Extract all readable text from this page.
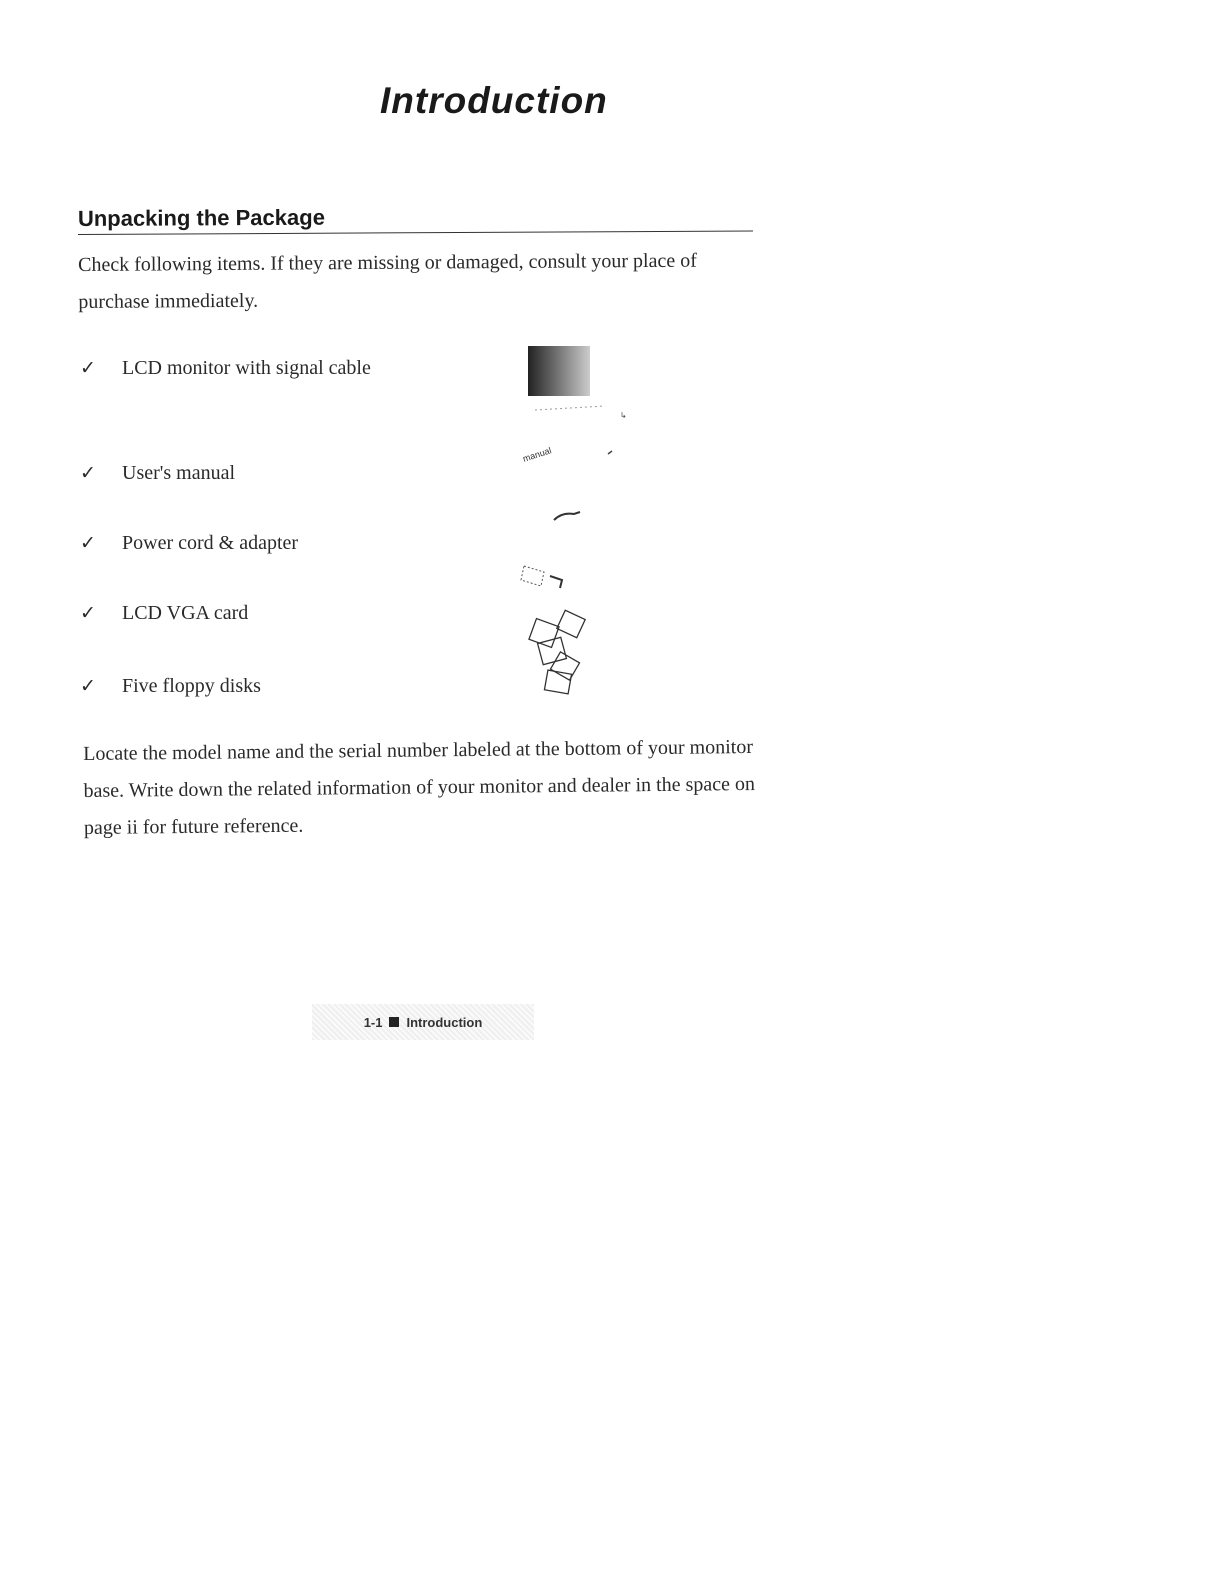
Introduction
Unpacking the Package

Check following items. If they are missing or damaged, consult your place of purchase immediately.

✓	LCD monitor with signal cable
✓	User's manual
✓	Power cord & adapter
✓	LCD VGA card
✓	Five floppy disks
↳
manual

Locate the model name and the serial number labeled at the bottom of your monitor base. Write down the related information of your monitor and dealer in the space on page ii for future reference.

1-1 Introduction
